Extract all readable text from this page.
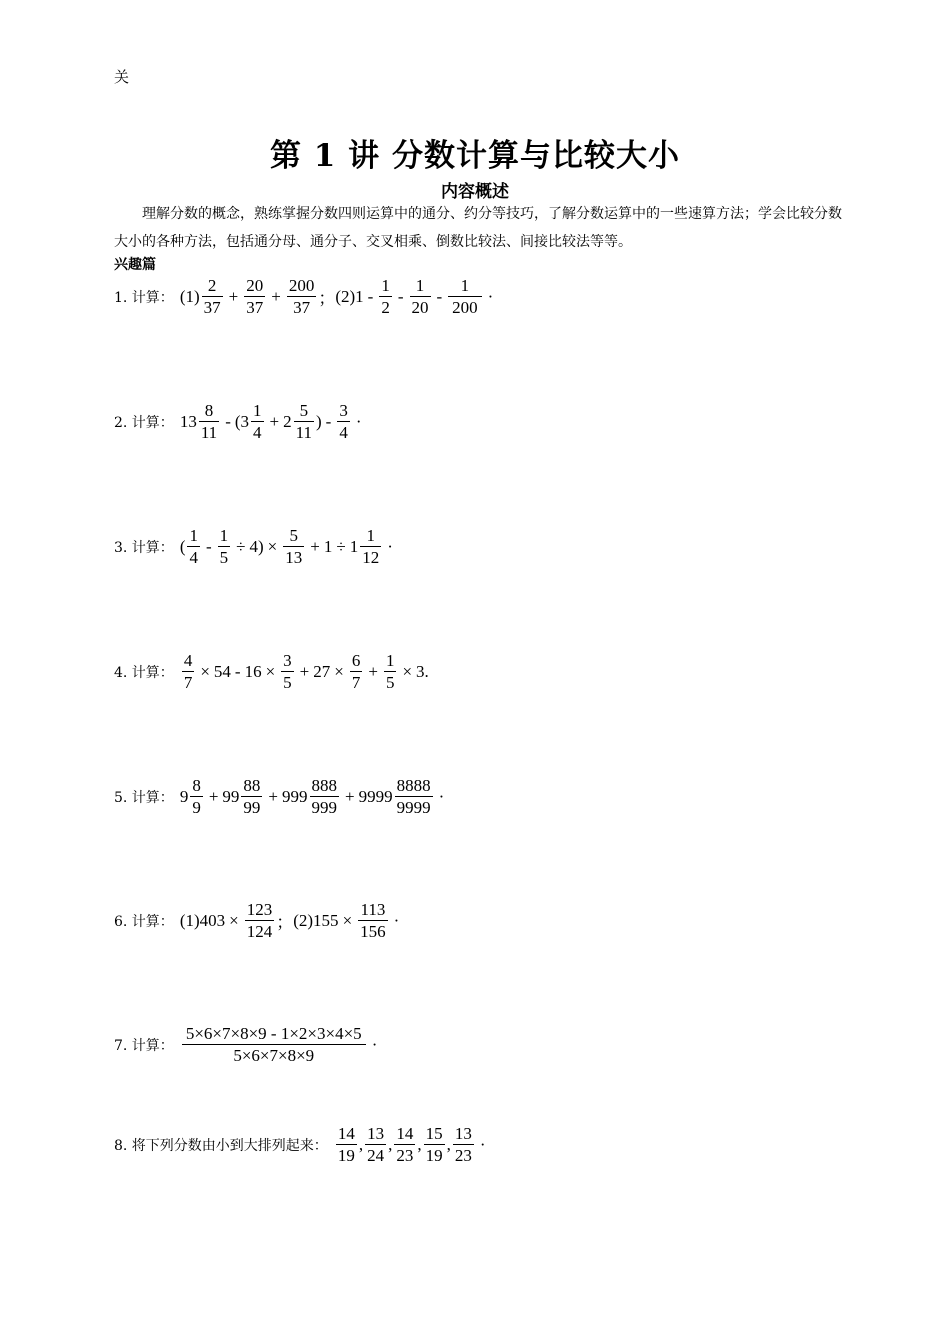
关
第 1 讲 分数计算与比较大小
内容概述
理解分数的概念，熟练掌握分数四则运算中的通分、约分等技巧，了解分数运算中的一些速算方法；学会比较分数大小的各种方法，包括通分母、通分子、交叉相乘、倒数比较法、间接比较法等等。
兴趣篇
1. 计算： $(1) \frac{2}{37} + \frac{20}{37} + \frac{200}{37}$ ； $(2)1 - \frac{1}{2} - \frac{1}{20} - \frac{1}{200}$ ·
2. 计算： $13 \frac{8}{11}$ - ( $3 \frac{1}{4} + 2 \frac{5}{11}$ ) - $\frac{3}{4}$ ·
3. 计算： ( $\frac{1}{4} - \frac{1}{5} \div 4) \times \frac{5}{13} + 1 \div 1 \frac{1}{12}$ ·
4. 计算： $\frac{4}{7} \times 54 - 16 \times \frac{3}{5} + 27 \times \frac{6}{7} + \frac{1}{5} \times 3$.
5. 计算： $9 \frac{8}{9} + 99 \frac{88}{99} + 999 \frac{888}{999} + 9999 \frac{8888}{9999}$ ·
6. 计算： $(1)403 \times \frac{123}{124}$ ； $(2)155 \times \frac{113}{156}$ ·
7. 计算： $\frac{5\times 6\times 7\times 8\times 9 - 1\times 2\times 3\times 4\times 5}{5\times 6\times 7\times 8\times 9}$ ·
8. 将下列分数由小到大排列起来： $\frac{14}{19}$ , $\frac{13}{24}$ , $\frac{14}{23}$ , $\frac{15}{19}$ , $\frac{13}{23}$ ·
